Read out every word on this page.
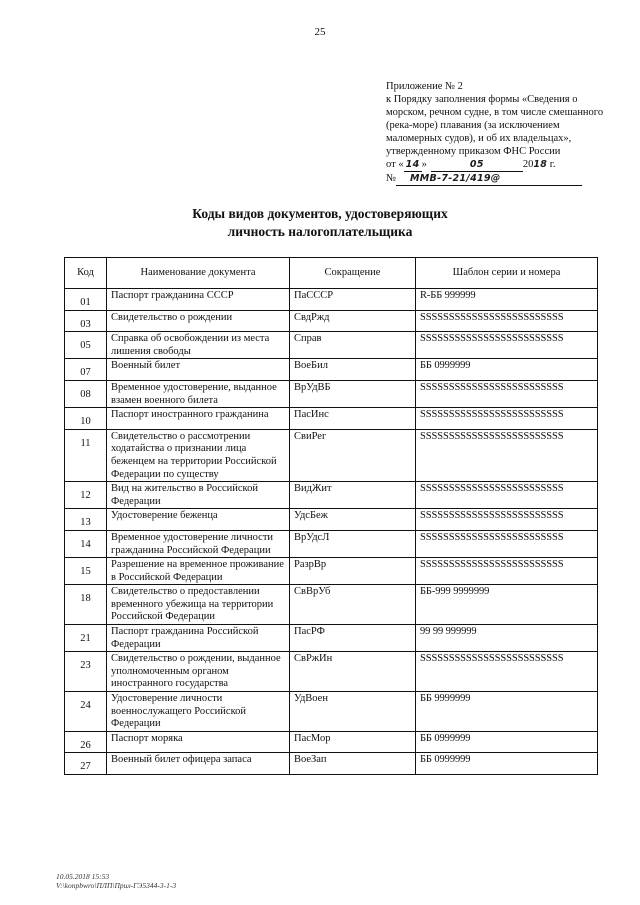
25
Приложение № 2
к Порядку заполнения формы «Сведения о
морском, речном судне, в том числе смешанного
(река-море) плавания (за исключением
маломерных судов), и об их владельцах»,
утвержденному приказом ФНС России
от « 14 »	05	2018 г.
№ ММВ-7-21/419@
Коды видов документов, удостоверяющих
личность налогоплательщика
Код	Наименование документа	Сокращение	Шаблон серии и номера
01	Паспорт гражданина СССР	ПаСССР	R-ББ 999999
03	Свидетельство о рождении	СвдРжд	SSSSSSSSSSSSSSSSSSSSSSSSS
05	Справка об освобождении из места лишения свободы	Справ	SSSSSSSSSSSSSSSSSSSSSSSSS
07	Военный билет	ВоеБил	ББ 0999999
08	Временное удостоверение, выданное взамен военного билета	ВрУдВБ	SSSSSSSSSSSSSSSSSSSSSSSSS
10	Паспорт иностранного гражданина	ПасИнс	SSSSSSSSSSSSSSSSSSSSSSSSS
11	Свидетельство о рассмотрении ходатайства о признании лица беженцем на территории Российской Федерации по существу	СвиРег	SSSSSSSSSSSSSSSSSSSSSSSSS
12	Вид на жительство в Российской Федерации	ВидЖит	SSSSSSSSSSSSSSSSSSSSSSSSS
13	Удостоверение беженца	УдсБеж	SSSSSSSSSSSSSSSSSSSSSSSSS
14	Временное удостоверение личности гражданина Российской Федерации	ВрУдсЛ	SSSSSSSSSSSSSSSSSSSSSSSSS
15	Разрешение на временное проживание в Российской Федерации	РазрВр	SSSSSSSSSSSSSSSSSSSSSSSSS
18	Свидетельство о предоставлении временного убежища на территории Российской Федерации	СвВрУб	ББ-999 9999999
21	Паспорт гражданина Российской Федерации	ПасРФ	99 99 999999
23	Свидетельство о рождении, выданное уполномоченным органом иностранного государства	СвРжИн	SSSSSSSSSSSSSSSSSSSSSSSSS
24	Удостоверение личности военнослужащего Российской Федерации	УдВоен	ББ 9999999
26	Паспорт моряка	ПасМор	ББ 0999999
27	Военный билет офицера запаса	ВоеЗап	ББ 0999999
10.05.2018 15:53
V:\konpbwro\ПЛП\Прил-ГЭ5344-3-1-3
